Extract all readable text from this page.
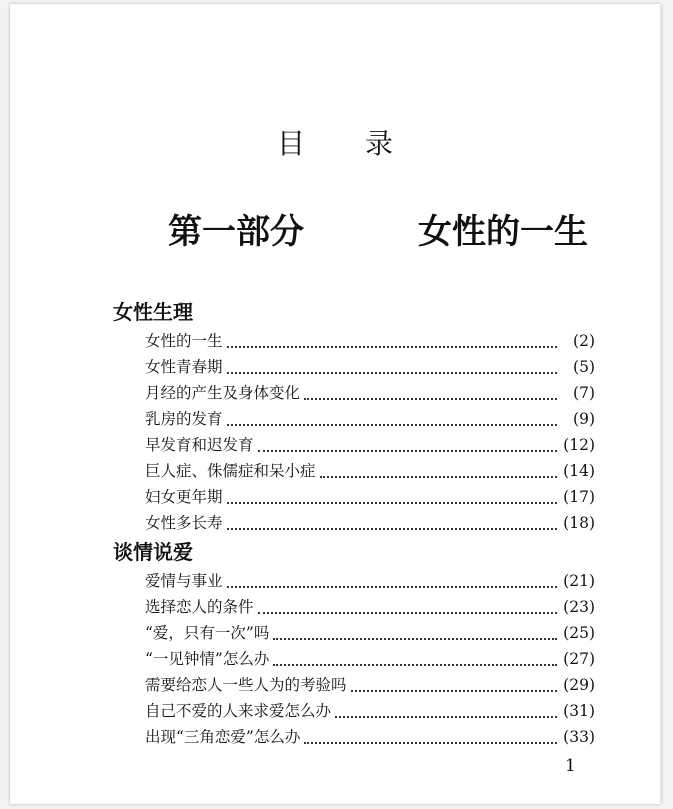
目录
第一部分	女性的一生
女性生理
女性的一生	(2)
女性青春期	(5)
月经的产生及身体变化	(7)
乳房的发育	(9)
早发育和迟发育	(12)
巨人症、侏儒症和呆小症	(14)
妇女更年期	(17)
女性多长寿	(18)
谈情说爱
爱情与事业	(21)
选择恋人的条件	(23)
“爱，只有一次”吗	(25)
“一见钟情”怎么办	(27)
需要给恋人一些人为的考验吗	(29)
自己不爱的人来求爱怎么办	(31)
出现“三角恋爱”怎么办	(33)
1
